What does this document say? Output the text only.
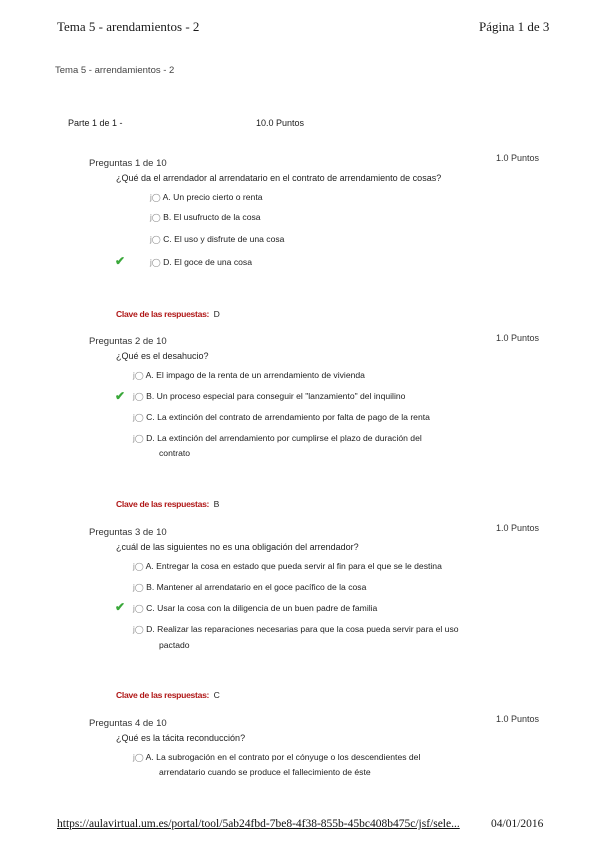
Tema 5 - arendamientos - 2	Página 1 de 3
Tema 5 - arrendamientos - 2
Parte 1 de 1 -	10.0 Puntos
Preguntas 1 de 10	1.0 Puntos
¿Qué da el arrendador al arrendatario en el contrato de arrendamiento de cosas?
j◯ A. Un precio cierto o renta
j◯ B. El usufructo de la cosa
j◯ C. El uso y disfrute de una cosa
✔	j◯ D. El goce de una cosa
Clave de las respuestas: D
Preguntas 2 de 10	1.0 Puntos
¿Qué es el desahucio?
j◯ A. El impago de la renta de un arrendamiento de vivienda
✔ j◯ B. Un proceso especial para conseguir el "lanzamiento" del inquilino
j◯ C. La extinción del contrato de arrendamiento por falta de pago de la renta
j◯ D. La extinción del arrendamiento por cumplirse el plazo de duración del
contrato
Clave de las respuestas: B
Preguntas 3 de 10	1.0 Puntos
¿cuál de las siguientes no es una obligación del arrendador?
j◯ A. Entregar la cosa en estado que pueda servir al fin para el que se le destina
j◯ B. Mantener al arrendatario en el goce pacífico de la cosa
✔ j◯ C. Usar la cosa con la diligencia de un buen padre de familia
j◯ D. Realizar las reparaciones necesarias para que la cosa pueda servir para el uso
pactado
Clave de las respuestas: C
Preguntas 4 de 10	1.0 Puntos
¿Qué es la tácita reconducción?
j◯ A. La subrogación en el contrato por el cónyuge o los descendientes del
arrendatario cuando se produce el fallecimiento de éste
https://aulavirtual.um.es/portal/tool/5ab24fbd-7be8-4f38-855b-45bc408b475c/jsf/sele...	04/01/2016
